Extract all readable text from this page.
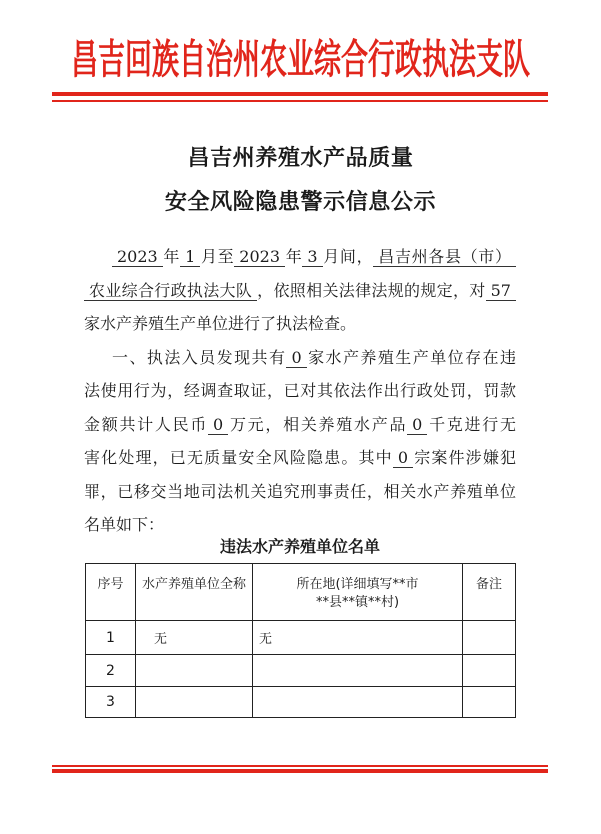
昌吉回族自治州农业综合行政执法支队
昌吉州养殖水产品质量
安全风险隐患警示信息公示
2023 年 1 月至 2023 年 3 月间， 昌吉州各县（市）
农业综合行政执法大队 ，依照相关法律法规的规定，对 57
家水产养殖生产单位进行了执法检查。
一、执法入员发现共有 0 家水产养殖生产单位存在违
法使用行为，经调查取证，已对其依法作出行政处罚，罚款
金额共计人民币 0 万元，相关养殖水产品 0 千克进行无
害化处理，已无质量安全风险隐患。其中 0 宗案件涉嫌犯
罪，已移交当地司法机关追究刑事责任，相关水产养殖单位
名单如下：
违法水产养殖单位名单
序号	水产养殖单位全称	所在地(详细填写**市
**县**镇**村)	备注
1	无	无	
2			
3			
